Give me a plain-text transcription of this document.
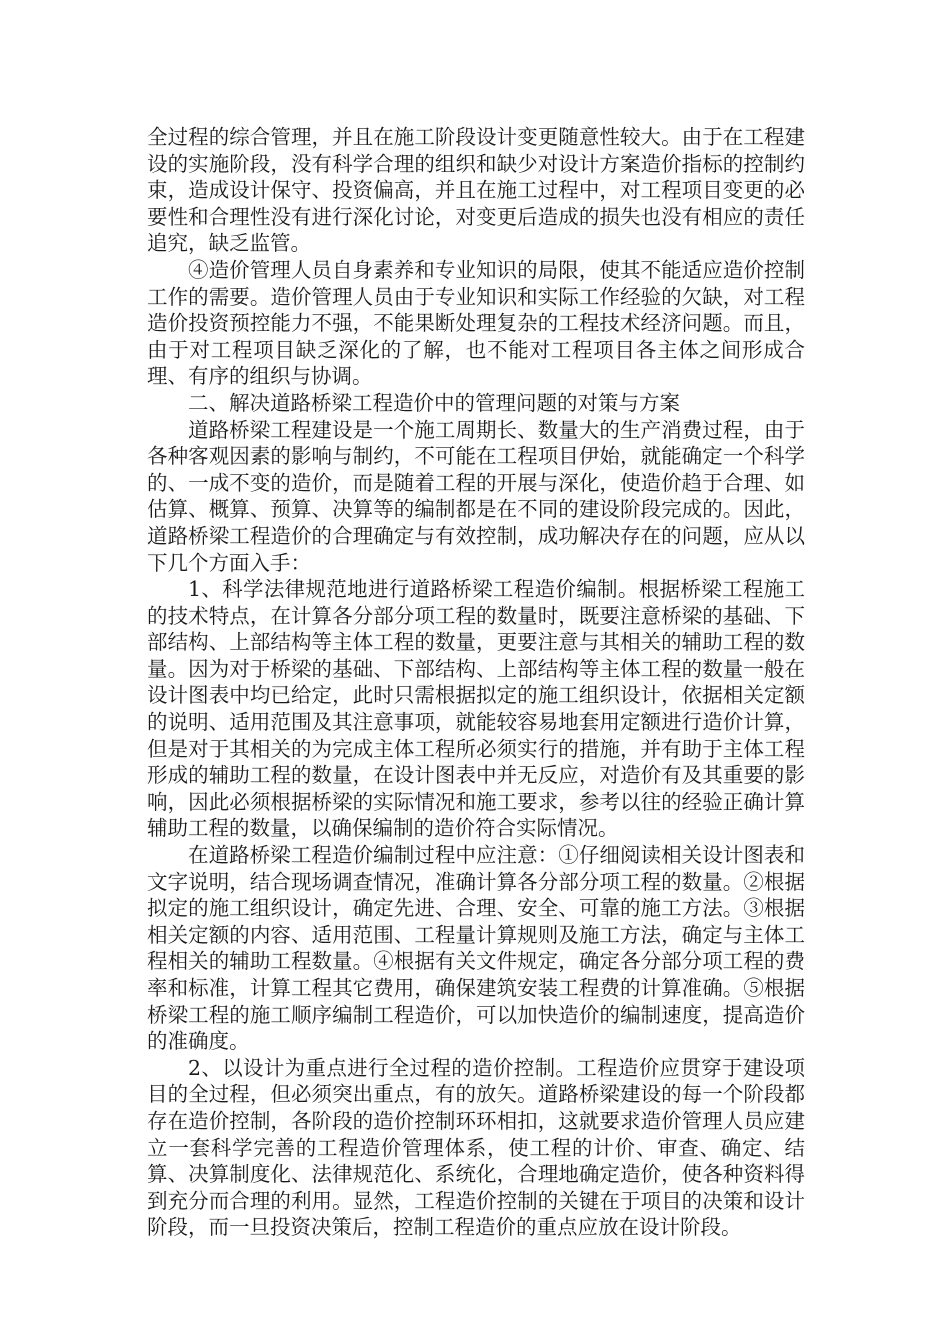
全过程的综合管理，并且在施工阶段设计变更随意性较大。由于在工程建设的实施阶段，没有科学合理的组织和缺少对设计方案造价指标的控制约束，造成设计保守、投资偏高，并且在施工过程中，对工程项目变更的必要性和合理性没有进行深化讨论，对变更后造成的损失也没有相应的责任追究，缺乏监管。

④造价管理人员自身素养和专业知识的局限，使其不能适应造价控制工作的需要。造价管理人员由于专业知识和实际工作经验的欠缺，对工程造价投资预控能力不强，不能果断处理复杂的工程技术经济问题。而且，由于对工程项目缺乏深化的了解，也不能对工程项目各主体之间形成合理、有序的组织与协调。

二、解决道路桥梁工程造价中的管理问题的对策与方案

道路桥梁工程建设是一个施工周期长、数量大的生产消费过程，由于各种客观因素的影响与制约，不可能在工程项目伊始，就能确定一个科学的、一成不变的造价，而是随着工程的开展与深化，使造价趋于合理、如估算、概算、预算、决算等的编制都是在不同的建设阶段完成的。因此，道路桥梁工程造价的合理确定与有效控制，成功解决存在的问题，应从以下几个方面入手：

1、科学法律规范地进行道路桥梁工程造价编制。根据桥梁工程施工的技术特点，在计算各分部分项工程的数量时，既要注意桥梁的基础、下部结构、上部结构等主体工程的数量，更要注意与其相关的辅助工程的数量。因为对于桥梁的基础、下部结构、上部结构等主体工程的数量一般在设计图表中均已给定，此时只需根据拟定的施工组织设计，依据相关定额的说明、适用范围及其注意事项，就能较容易地套用定额进行造价计算，但是对于其相关的为完成主体工程所必须实行的措施，并有助于主体工程形成的辅助工程的数量，在设计图表中并无反应，对造价有及其重要的影响，因此必须根据桥梁的实际情况和施工要求，参考以往的经验正确计算辅助工程的数量，以确保编制的造价符合实际情况。

在道路桥梁工程造价编制过程中应注意：①仔细阅读相关设计图表和文字说明，结合现场调查情况，准确计算各分部分项工程的数量。②根据拟定的施工组织设计，确定先进、合理、安全、可靠的施工方法。③根据相关定额的内容、适用范围、工程量计算规则及施工方法，确定与主体工程相关的辅助工程数量。④根据有关文件规定，确定各分部分项工程的费率和标准，计算工程其它费用，确保建筑安装工程费的计算准确。⑤根据桥梁工程的施工顺序编制工程造价，可以加快造价的编制速度，提高造价的准确度。

2、以设计为重点进行全过程的造价控制。工程造价应贯穿于建设项目的全过程，但必须突出重点，有的放矢。道路桥梁建设的每一个阶段都存在造价控制，各阶段的造价控制环环相扣，这就要求造价管理人员应建立一套科学完善的工程造价管理体系，使工程的计价、审查、确定、结算、决算制度化、法律规范化、系统化，合理地确定造价，使各种资料得到充分而合理的利用。显然，工程造价控制的关键在于项目的决策和设计阶段，而一旦投资决策后，控制工程造价的重点应放在设计阶段。
